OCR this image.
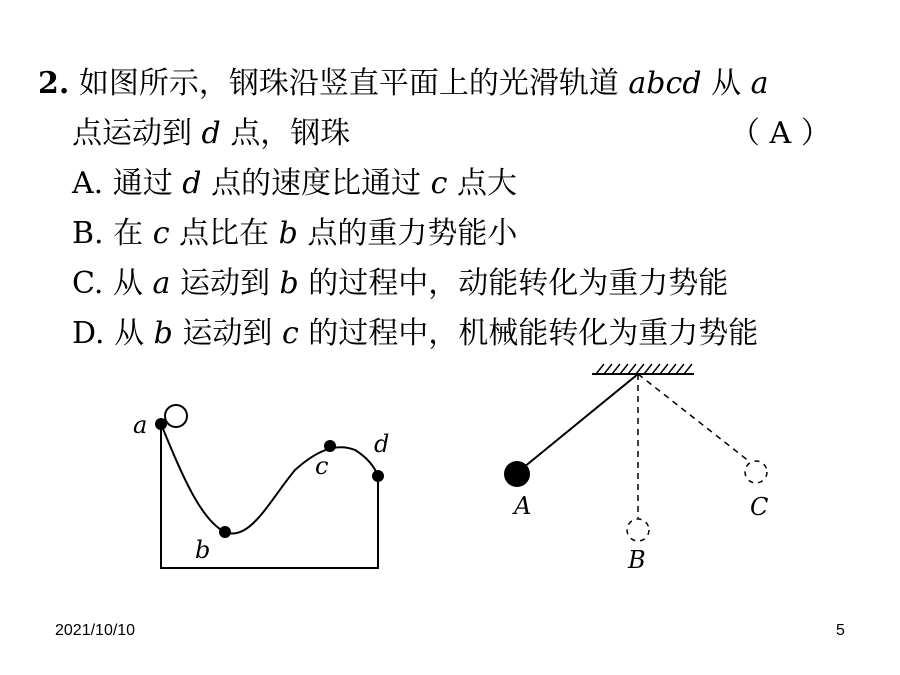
2. 如图所示，钢珠沿竖直平面上的光滑轨道 abcd 从 a
点运动到 d 点，钢珠	（ A ）
A. 通过 d 点的速度比通过 c 点大
B. 在 c 点比在 b 点的重力势能小
C. 从 a 运动到 b 的过程中，动能转化为重力势能
D. 从 b 运动到 c 的过程中，机械能转化为重力势能
a
b
c
d
A
B
C
2021/10/10	5
